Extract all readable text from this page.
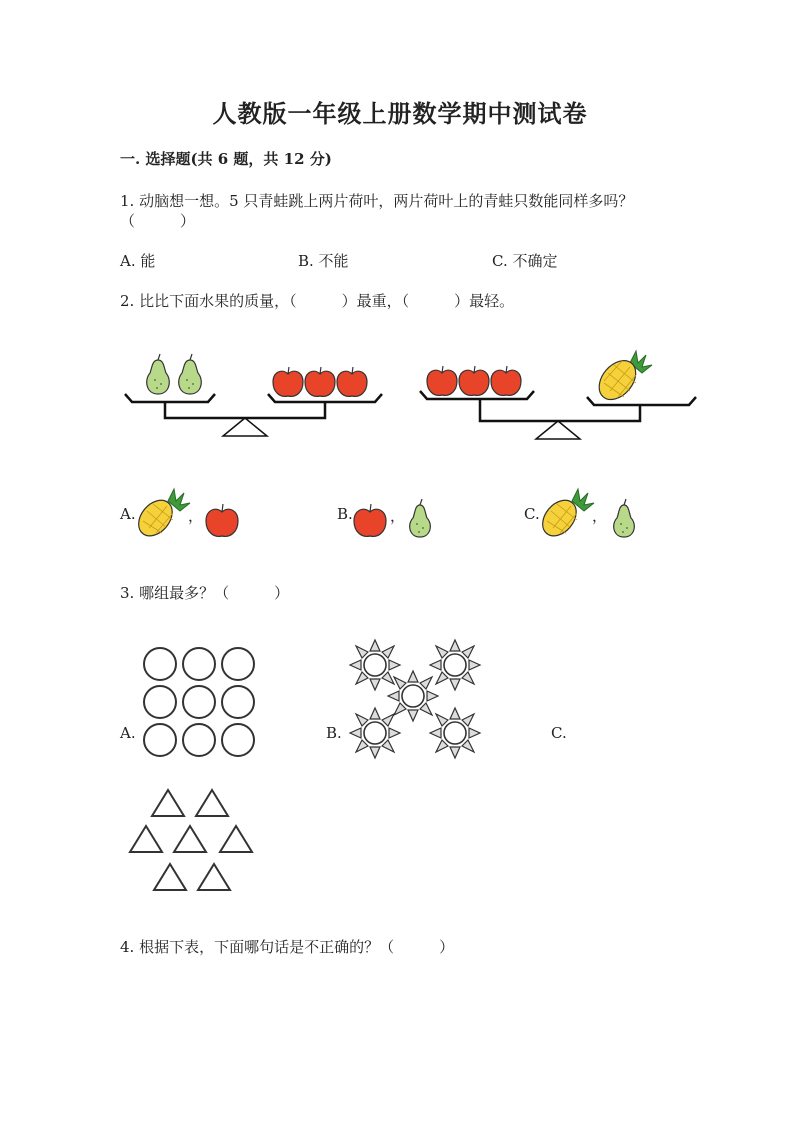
人教版一年级上册数学期中测试卷
一. 选择题(共 6 题，共 12 分)
1. 动脑想一想。5 只青蛙跳上两片荷叶，两片荷叶上的青蛙只数能同样多吗？
（　　　）
A. 能	B. 不能	C. 不确定
2. 比比下面水果的质量，（　　　）最重，（　　　）最轻。
A.	，	B. ，	C.	，
3. 哪组最多？（　　　）
A.	B.	C.
4. 根据下表，下面哪句话是不正确的？（　　　）
